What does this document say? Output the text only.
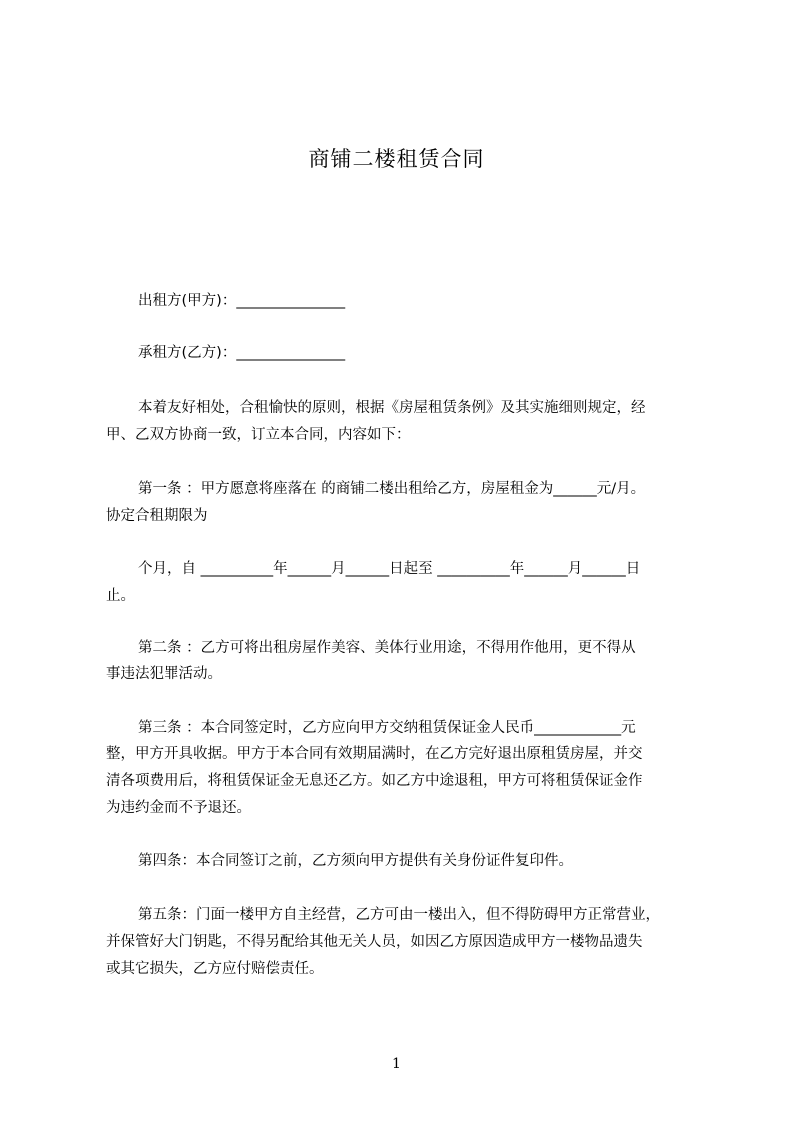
商铺二楼租赁合同
出租方(甲方)：_______________
承租方(乙方)：_______________
本着友好相处，合租愉快的原则，根据《房屋租赁条例》及其实施细则规定，经
甲、乙双方协商一致，订立本合同，内容如下：
第一条 ：甲方愿意将座落在 的商铺二楼出租给乙方，房屋租金为______元/月。
协定合租期限为
个月，自 __________年______月______日起至 __________年______月______日
止。
第二条 ：乙方可将出租房屋作美容、美体行业用途，不得用作他用，更不得从
事违法犯罪活动。
第三条 ：本合同签定时，乙方应向甲方交纳租赁保证金人民币____________元
整，甲方开具收据。甲方于本合同有效期届满时，在乙方完好退出原租赁房屋，并交
清各项费用后，将租赁保证金无息还乙方。如乙方中途退租，甲方可将租赁保证金作
为违约金而不予退还。
第四条：本合同签订之前，乙方须向甲方提供有关身份证件复印件。
第五条：门面一楼甲方自主经营，乙方可由一楼出入，但不得防碍甲方正常营业，
并保管好大门钥匙，不得另配给其他无关人员，如因乙方原因造成甲方一楼物品遗失
或其它损失，乙方应付赔偿责任。
1
